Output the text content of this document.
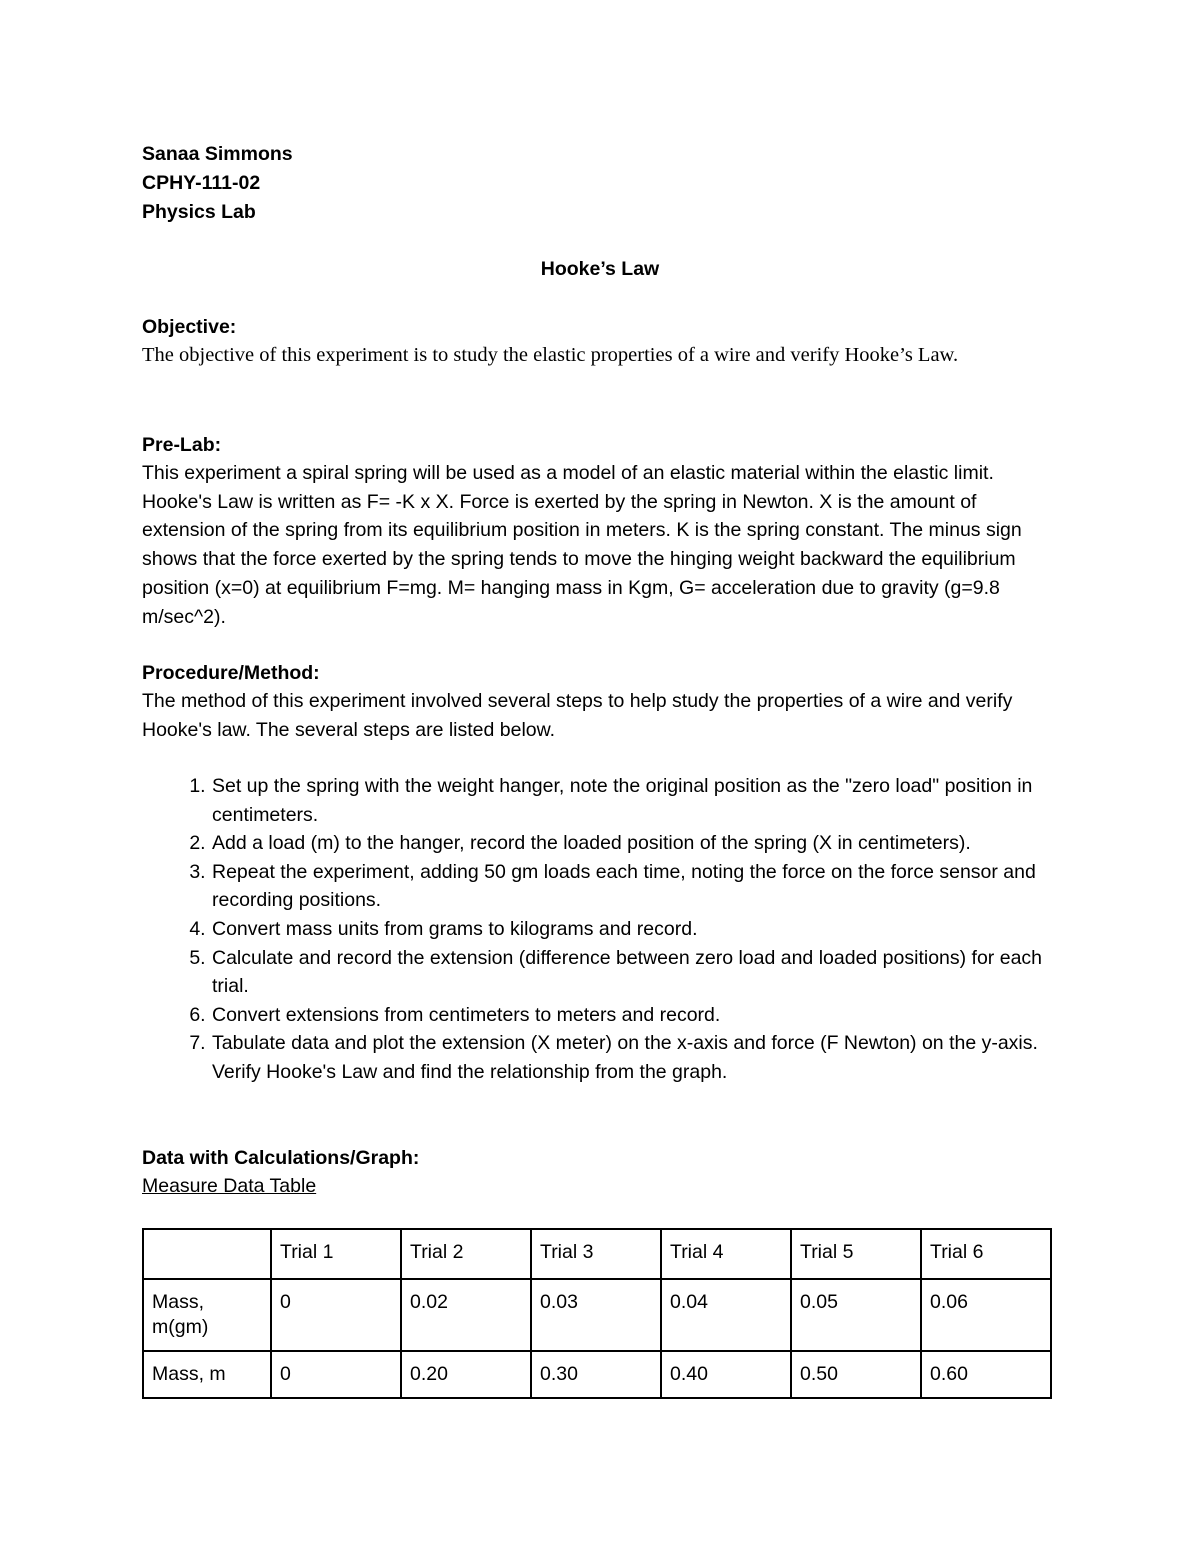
Sanaa Simmons
CPHY-111-02
Physics Lab
Hooke’s Law
Objective:
The objective of this experiment is to study the elastic properties of a wire and verify Hooke’s Law.
Pre-Lab:
This experiment a spiral spring will be used as a model of an elastic material within the elastic limit. Hooke's Law is written as F= -K x X. Force is exerted by the spring in Newton. X is the amount of extension of the spring from its equilibrium position in meters. K is the spring constant. The minus sign shows that the force exerted by the spring tends to move the hinging weight backward the equilibrium position (x=0) at equilibrium F=mg. M= hanging mass in Kgm, G= acceleration due to gravity (g=9.8 m/sec^2).
Procedure/Method:
The method of this experiment involved several steps to help study the properties of a wire and verify Hooke's law. The several steps are listed below.
1. Set up the spring with the weight hanger, note the original position as the "zero load" position in centimeters.
2. Add a load (m) to the hanger, record the loaded position of the spring (X in centimeters).
3. Repeat the experiment, adding 50 gm loads each time, noting the force on the force sensor and recording positions.
4. Convert mass units from grams to kilograms and record.
5. Calculate and record the extension (difference between zero load and loaded positions) for each trial.
6. Convert extensions from centimeters to meters and record.
7. Tabulate data and plot the extension (X meter) on the x-axis and force (F Newton) on the y-axis. Verify Hooke's Law and find the relationship from the graph.
Data with Calculations/Graph:
Measure Data Table
	Trial 1	Trial 2	Trial 3	Trial 4	Trial 5	Trial 6
Mass, m(gm)	0	0.02	0.03	0.04	0.05	0.06
Mass, m	0	0.20	0.30	0.40	0.50	0.60
